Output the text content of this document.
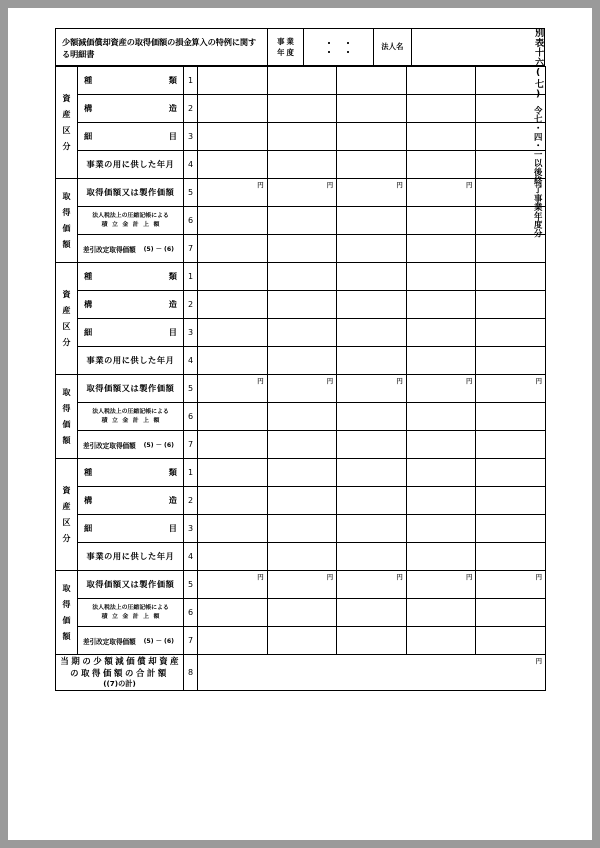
少額減価償却資産の取得価額の損金算入の特例に関する明細書
事業
年度
法人名
資

産

区

分	種 類	1					

	構 造	2					

	細 目	3					

	事業の用に供した年月	4					
取

得

価

額	取得価額又は製作価額	5	円	円	円	円	円

	法人税法上の圧縮記帳による
積立金計上額	6					

	差引改定取得価額 (5) － (6)	7					
資

産

区

分	種 類	1					

	構 造	2					

	細 目	3					

	事業の用に供した年月	4					
取

得

価

額	取得価額又は製作価額	5	円	円	円	円	円

	法人税法上の圧縮記帳による
積立金計上額	6					

	差引改定取得価額 (5) － (6)	7					
資

産

区

分	種 類	1					

	構 造	2					

	細 目	3					

	事業の用に供した年月	4					
取

得

価

額	取得価額又は製作価額	5	円	円	円	円	円

	法人税法上の圧縮記帳による
積立金計上額	6					

	差引改定取得価額 (5) － (6)	7					

当期の少額減価償却資産の取得価額の合計額
((7)の計)		8	円
別表十六(七)
令七・四・一以後終了事業年度分
